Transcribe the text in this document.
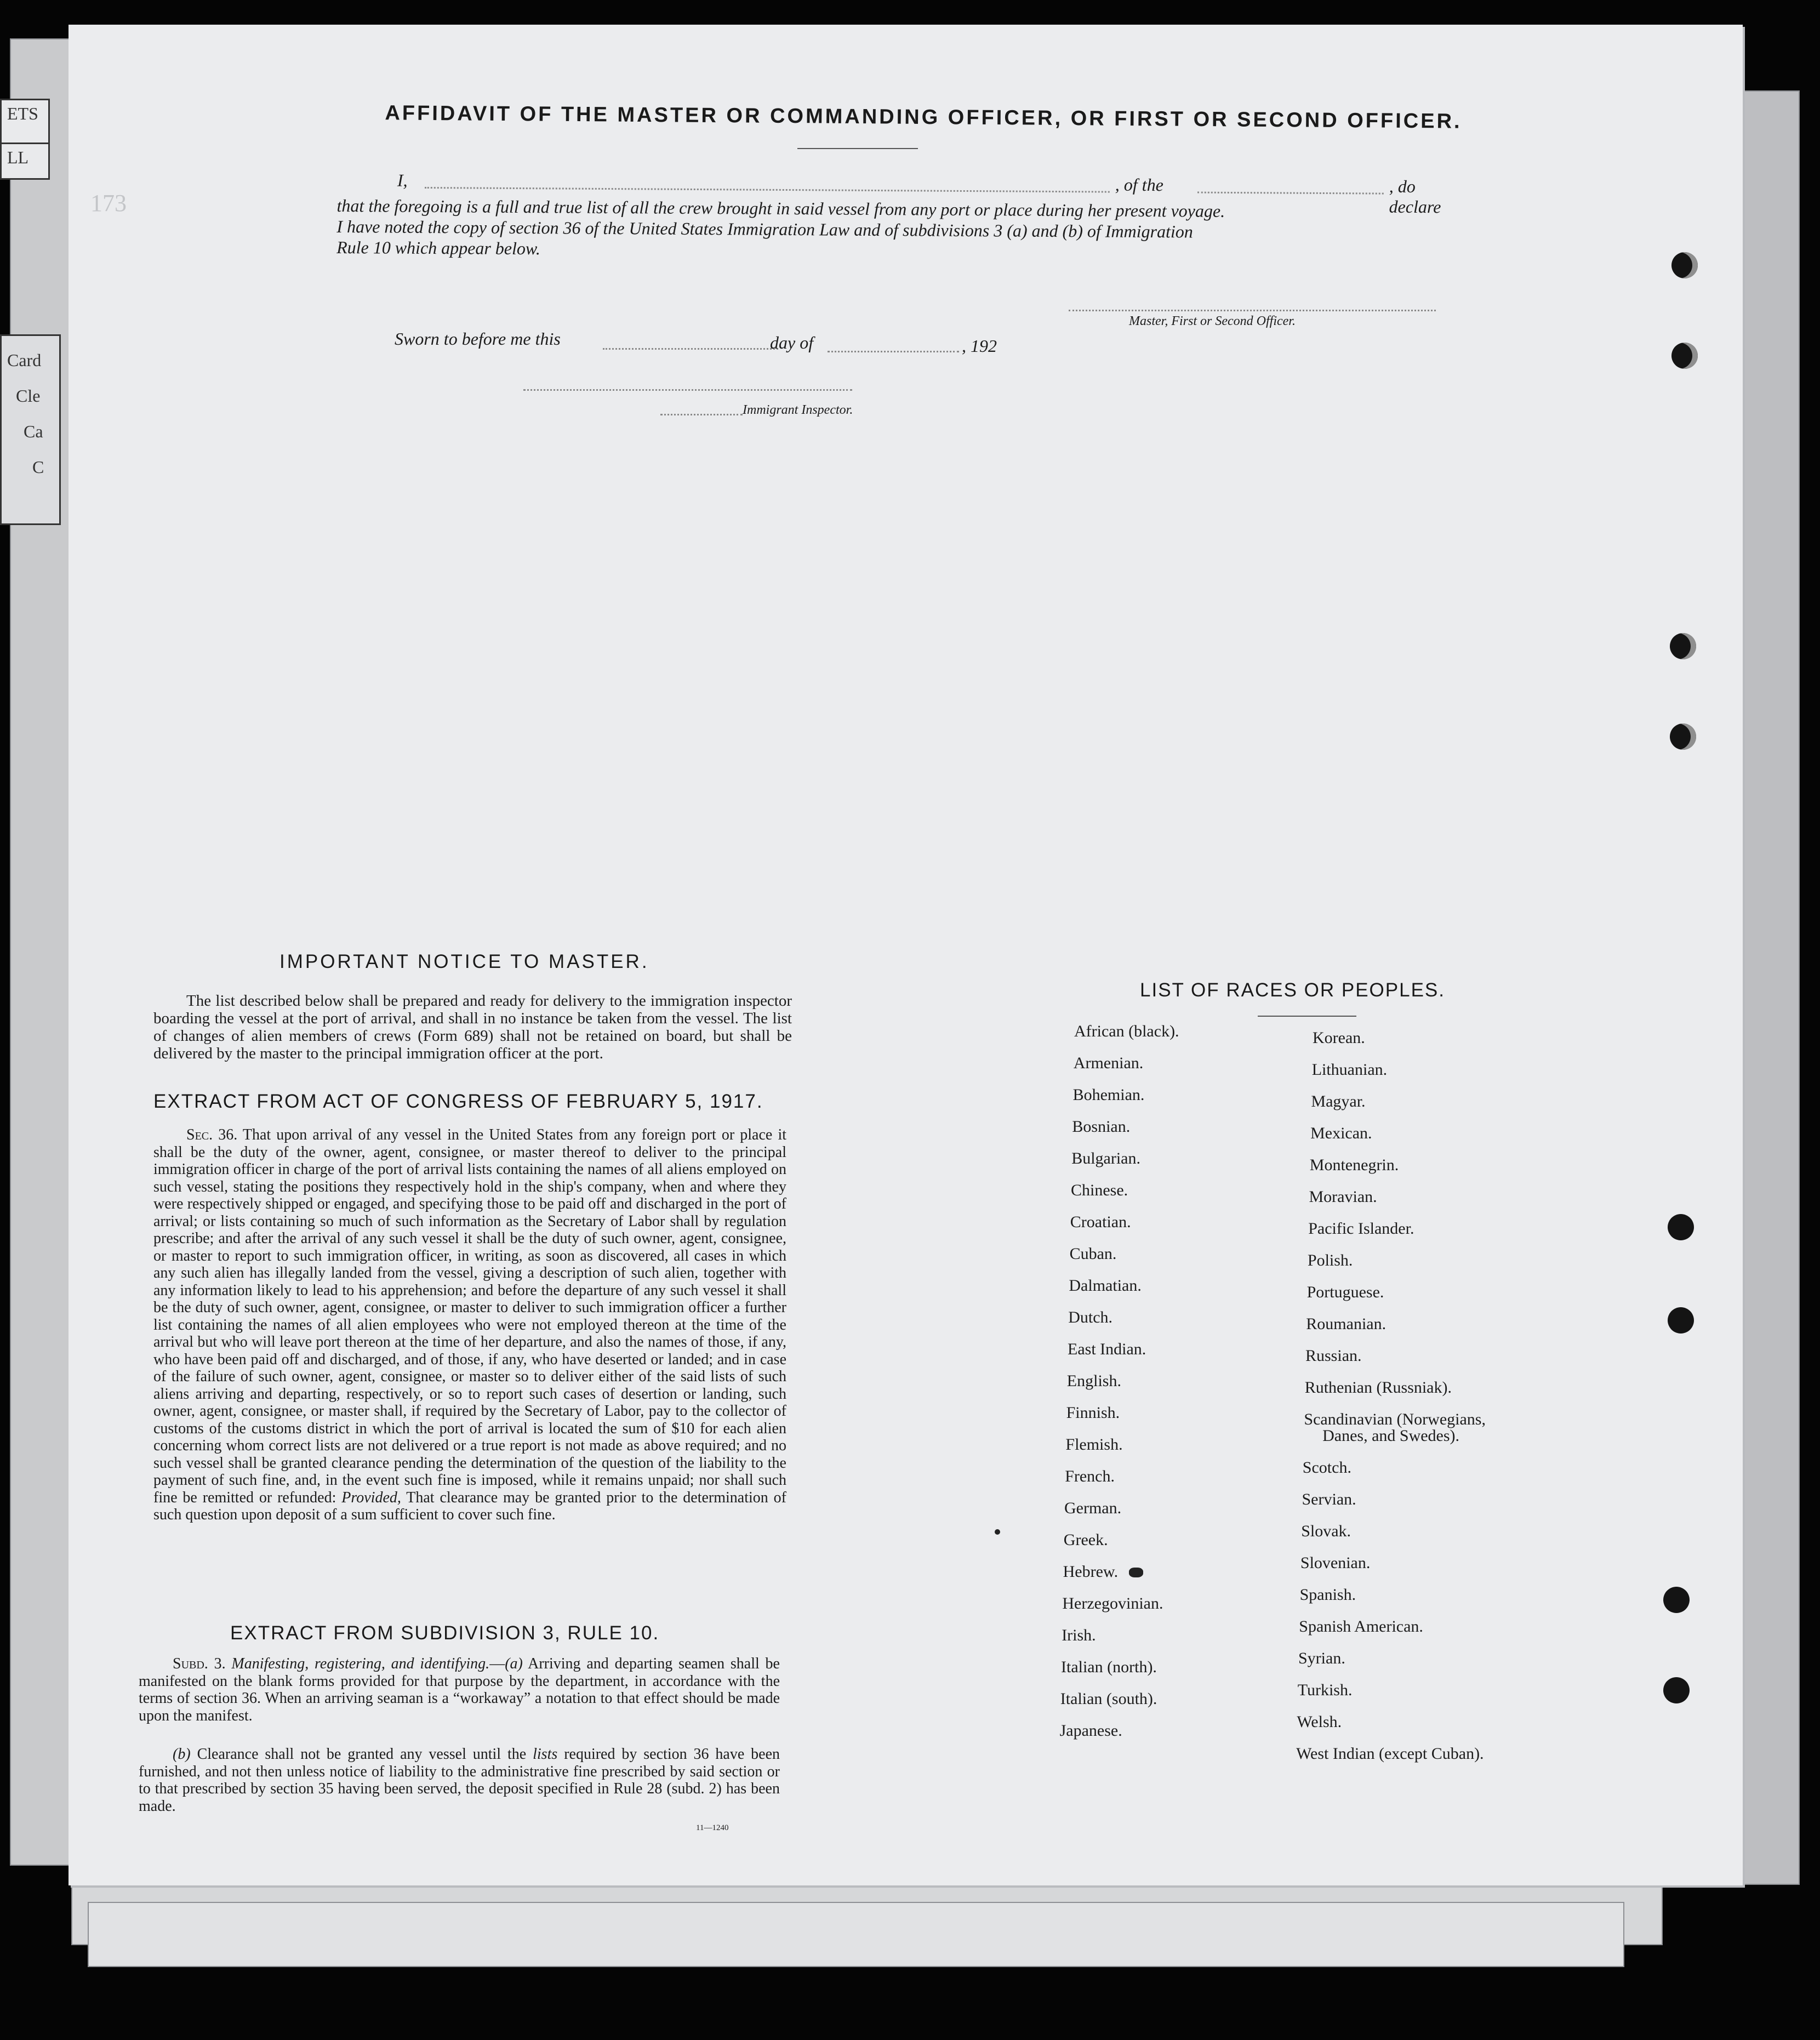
ETS
LL
Card
Cle
Ca
C
173
AFFIDAVIT OF THE MASTER OR COMMANDING OFFICER, OR FIRST OR SECOND OFFICER.
I,	, of the	, do declare
that the foregoing is a full and true list of all the crew brought in said vessel from any port or place during her present voyage.
I have noted the copy of section 36 of the United States Immigration Law and of subdivisions 3 (a) and (b) of Immigration
Rule 10 which appear below.
Master, First or Second Officer.
Sworn to before me this	day of	, 192
Immigrant Inspector.
IMPORTANT NOTICE TO MASTER.
The list described below shall be prepared and ready for delivery to the immigration inspector boarding the vessel at the port of arrival, and shall in no instance be taken from the vessel. The list of changes of alien members of crews (Form 689) shall not be retained on board, but shall be delivered by the master to the principal immigration officer at the port.
EXTRACT FROM ACT OF CONGRESS OF FEBRUARY 5, 1917.
Sec. 36. That upon arrival of any vessel in the United States from any foreign port or place it shall be the duty of the owner, agent, consignee, or master thereof to deliver to the principal immigration officer in charge of the port of arrival lists containing the names of all aliens employed on such vessel, stating the positions they respectively hold in the ship's company, when and where they were respectively shipped or engaged, and specifying those to be paid off and discharged in the port of arrival; or lists containing so much of such information as the Secretary of Labor shall by regulation prescribe; and after the arrival of any such vessel it shall be the duty of such owner, agent, consignee, or master to report to such immigration officer, in writing, as soon as discovered, all cases in which any such alien has illegally landed from the vessel, giving a description of such alien, together with any information likely to lead to his apprehension; and before the departure of any such vessel it shall be the duty of such owner, agent, consignee, or master to deliver to such immigration officer a further list containing the names of all alien employees who were not employed thereon at the time of the arrival but who will leave port thereon at the time of her departure, and also the names of those, if any, who have been paid off and discharged, and of those, if any, who have deserted or landed; and in case of the failure of such owner, agent, consignee, or master so to deliver either of the said lists of such aliens arriving and departing, respectively, or so to report such cases of desertion or landing, such owner, agent, consignee, or master shall, if required by the Secretary of Labor, pay to the collector of customs of the customs district in which the port of arrival is located the sum of $10 for each alien concerning whom correct lists are not delivered or a true report is not made as above required; and no such vessel shall be granted clearance pending the determination of the question of the liability to the payment of such fine, and, in the event such fine is imposed, while it remains unpaid; nor shall such fine be remitted or refunded: Provided, That clearance may be granted prior to the determination of such question upon deposit of a sum sufficient to cover such fine.
EXTRACT FROM SUBDIVISION 3, RULE 10.
Subd. 3. Manifesting, registering, and identifying.—(a) Arriving and departing seamen shall be manifested on the blank forms provided for that purpose by the department, in accordance with the terms of section 36. When an arriving seaman is a “workaway” a notation to that effect should be made upon the manifest.
(b) Clearance shall not be granted any vessel until the lists required by section 36 have been furnished, and not then unless notice of liability to the administrative fine prescribed by said section or to that prescribed by section 35 having been served, the deposit specified in Rule 28 (subd. 2) has been made.
11—1240
LIST OF RACES OR PEOPLES.
African (black).
Armenian.
Bohemian.
Bosnian.
Bulgarian.
Chinese.
Croatian.
Cuban.
Dalmatian.
Dutch.
East Indian.
English.
Finnish.
Flemish.
French.
German.
Greek.
Hebrew.
Herzegovinian.
Irish.
Italian (north).
Italian (south).
Japanese.
Korean.
Lithuanian.
Magyar.
Mexican.
Montenegrin.
Moravian.
Pacific Islander.
Polish.
Portuguese.
Roumanian.
Russian.
Ruthenian (Russniak).
Scandinavian (Norwegians,
Danes, and Swedes).
Scotch.
Servian.
Slovak.
Slovenian.
Spanish.
Spanish American.
Syrian.
Turkish.
Welsh.
West Indian (except Cuban).
